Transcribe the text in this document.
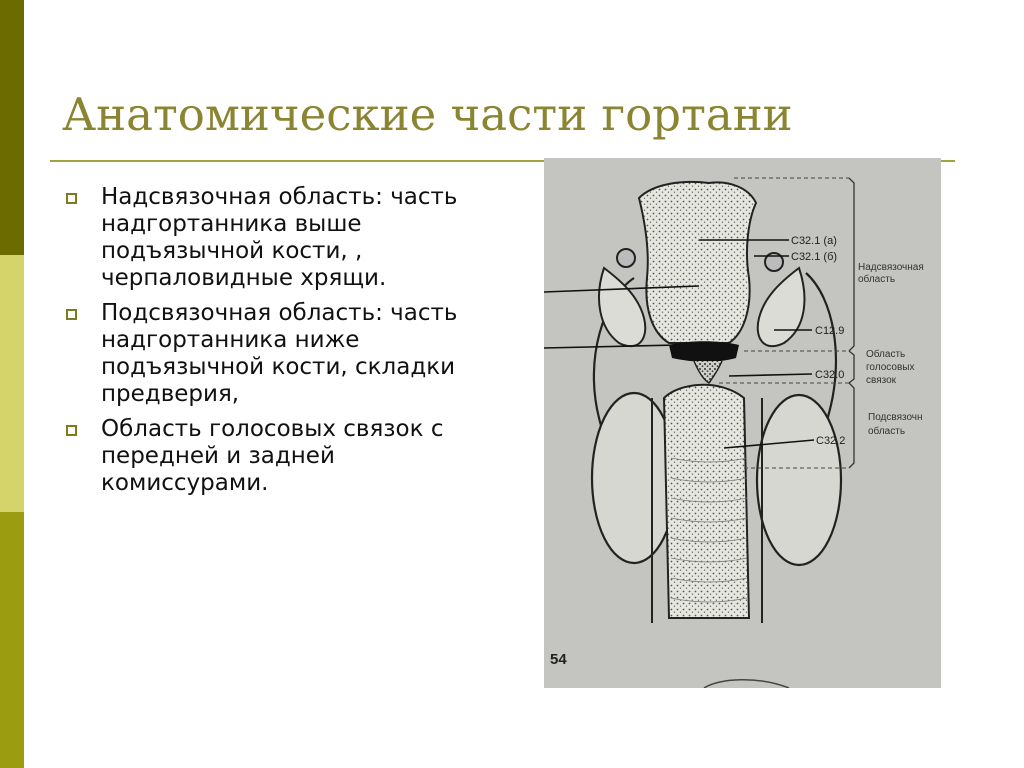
Анатомические части гортани
Надсвязочная область: часть надгортанника выше подъязычной кости, , черпаловидные хрящи.
Подсвязочная область: часть надгортанника ниже подъязычной кости, складки предверия,
Область голосовых связок с передней и задней комиссурами.
C32.1 (a)
C32.1 (б)
C12.9
C32.0
C32.2
Надсвязочная
область
Область
голосовых
связок
Подсвязочн
область
54
